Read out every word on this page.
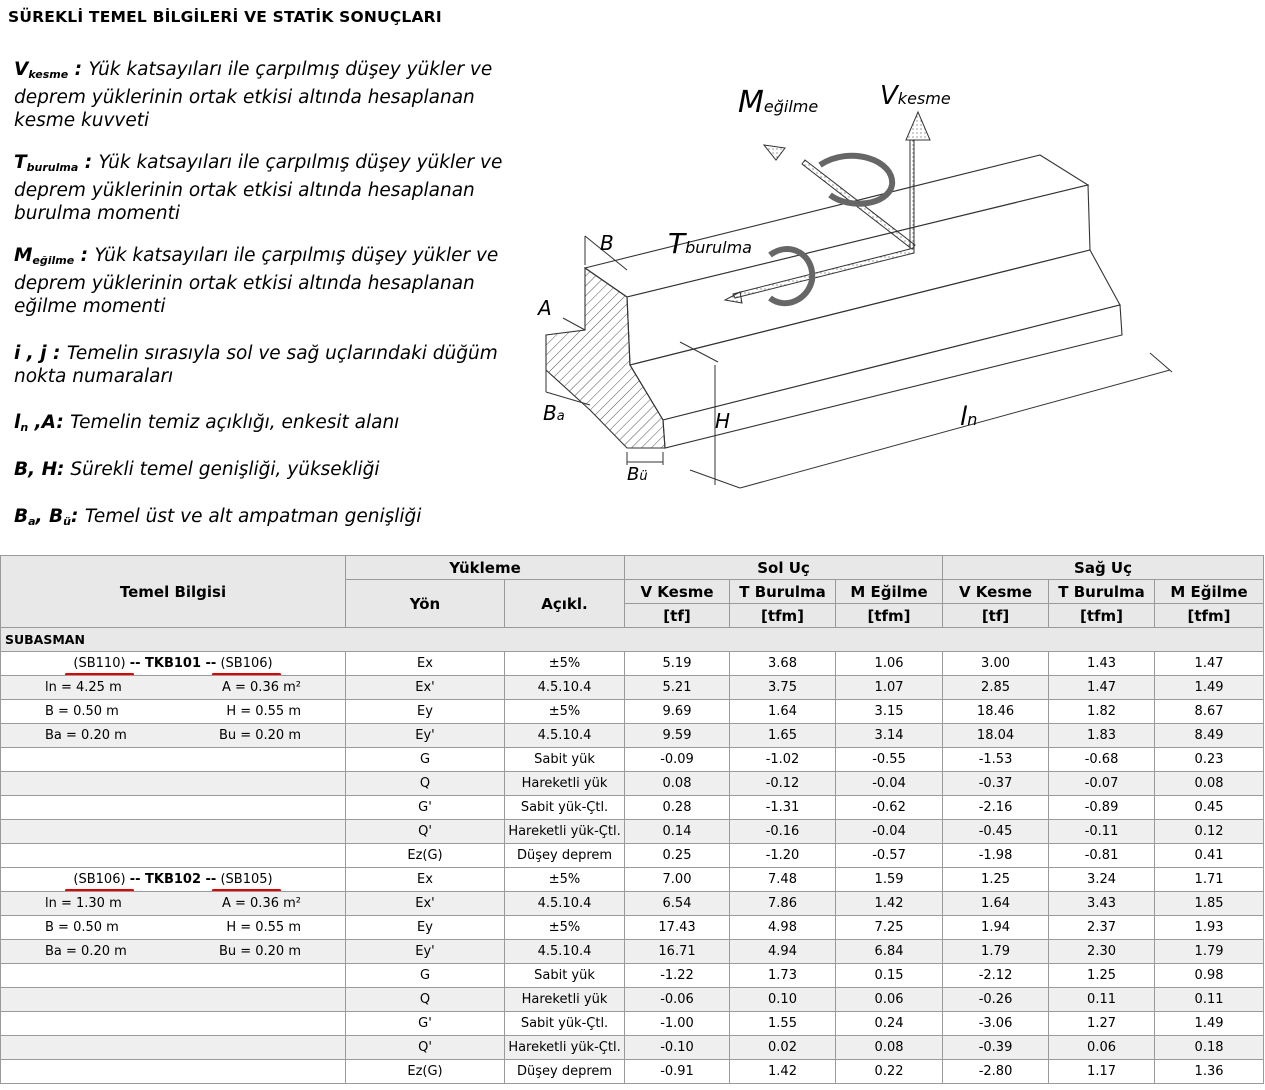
SÜREKLİ TEMEL BİLGİLERİ VE STATİK SONUÇLARI
$V_{kesme}$ : Yük katsayıları ile çarpılmış düşey yükler ve deprem yüklerinin ortak etkisi altında hesaplanan kesme kuvveti
$T_{burulma}$ : Yük katsayıları ile çarpılmış düşey yükler ve deprem yüklerinin ortak etkisi altında hesaplanan burulma momenti
$M_{eğilme}$ : Yük katsayıları ile çarpılmış düşey yükler ve deprem yüklerinin ortak etkisi altında hesaplanan eğilme momenti
i , j : Temelin sırasıyla sol ve sağ uçlarındaki düğüm nokta numaraları
$l_n$ ,A: Temelin temiz açıklığı, enkesit alanı
B, H: Sürekli temel genişliği, yüksekliği
$B_a$, $B_ü$: Temel üst ve alt ampatman genişliği
Meğilme Vkesme
Tburulma
B
A
Ba
Bü
H	ln
Temel Bilgisi	Yükleme		Sol Uç			Sağ Uç		
	Yön	Açıkl.	V Kesme	T Burulma	M Eğilme	V Kesme	T Burulma	M Eğilme
			[tf]	[tfm]	[tfm]	[tf]	[tfm]	[tfm]
SUBASMAN								
(SB110) -- TKB101 -- (SB106)	Ex	±5%	5.19	3.68	1.06	3.00	1.43	1.47

ln = 4.25 m A = 0.36 m²	Ex'	4.5.10.4	5.21	3.75	1.07	2.85	1.47	1.49

B = 0.50 m H = 0.55 m	Ey	±5%	9.69	1.64	3.15	18.46	1.82	8.67

Ba = 0.20 m Bu = 0.20 m	Ey'	4.5.10.4	9.59	1.65	3.14	18.04	1.83	8.49
	G	Sabit yük	-0.09	-1.02	-0.55	-1.53	-0.68	0.23
	Q	Hareketli yük	0.08	-0.12	-0.04	-0.37	-0.07	0.08
	G'	Sabit yük-Çtl.	0.28	-1.31	-0.62	-2.16	-0.89	0.45
	Q'	Hareketli yük-Çtl.	0.14	-0.16	-0.04	-0.45	-0.11	0.12
	Ez(G)	Düşey deprem	0.25	-1.20	-0.57	-1.98	-0.81	0.41
(SB106) -- TKB102 -- (SB105)	Ex	±5%	7.00	7.48	1.59	1.25	3.24	1.71

ln = 1.30 m A = 0.36 m²	Ex'	4.5.10.4	6.54	7.86	1.42	1.64	3.43	1.85

B = 0.50 m H = 0.55 m	Ey	±5%	17.43	4.98	7.25	1.94	2.37	1.93

Ba = 0.20 m Bu = 0.20 m	Ey'	4.5.10.4	16.71	4.94	6.84	1.79	2.30	1.79
	G	Sabit yük	-1.22	1.73	0.15	-2.12	1.25	0.98
	Q	Hareketli yük	-0.06	0.10	0.06	-0.26	0.11	0.11
	G'	Sabit yük-Çtl.	-1.00	1.55	0.24	-3.06	1.27	1.49
	Q'	Hareketli yük-Çtl.	-0.10	0.02	0.08	-0.39	0.06	0.18
	Ez(G)	Düşey deprem	-0.91	1.42	0.22	-2.80	1.17	1.36
